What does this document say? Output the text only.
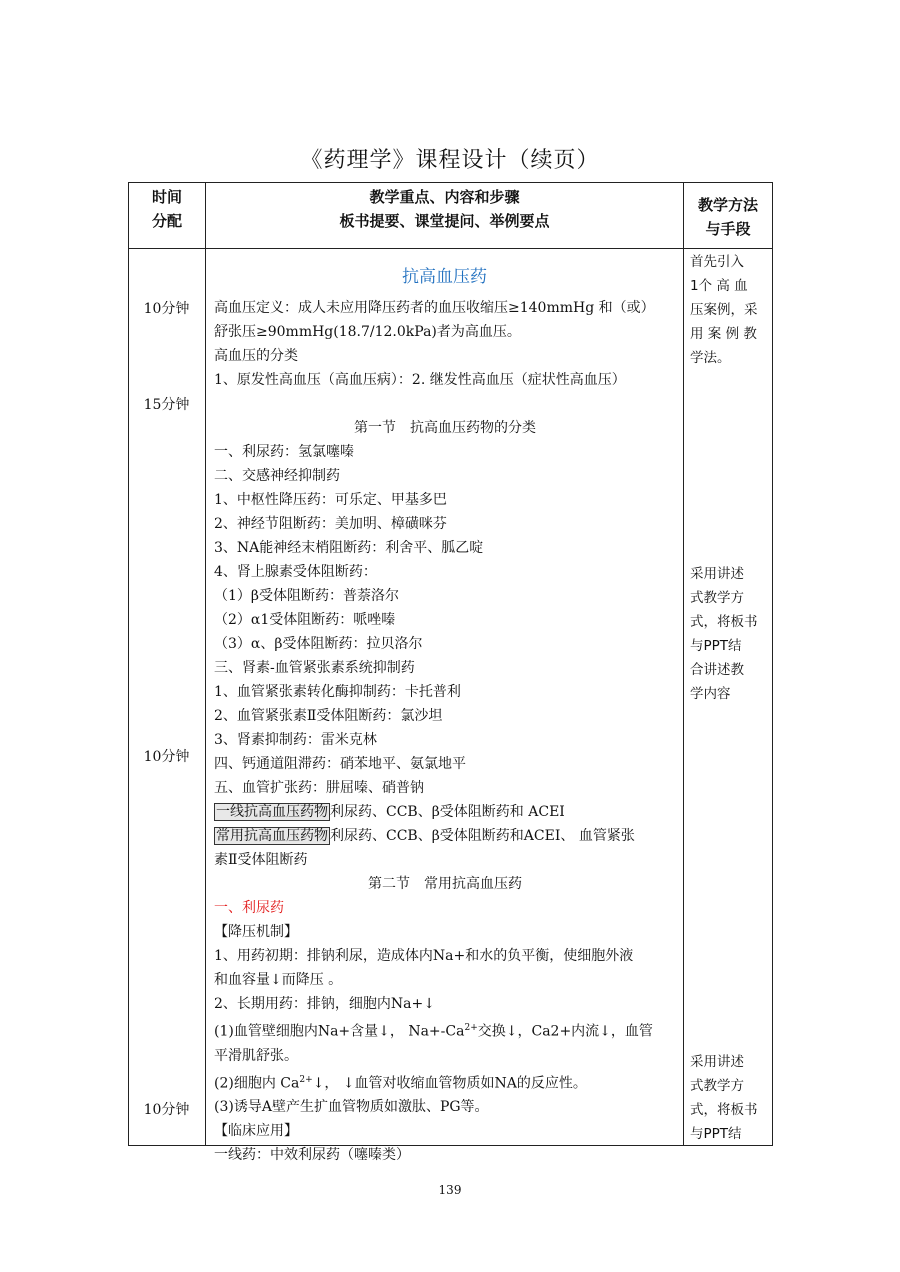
《药理学》课程设计（续页）
时间
分配
教学重点、内容和步骤
板书提要、课堂提问、举例要点
教学方法
与手段
抗高血压药
10分钟
15分钟
10分钟
10分钟
高血压定义：成人未应用降压药者的血压收缩压≥140mmHg 和（或）
舒张压≥90mmHg(18.7/12.0kPa)者为高血压。
高血压的分类
1、原发性高血压（高血压病）：2. 继发性高血压（症状性高血压）
第一节　抗高血压药物的分类
一、利尿药：氢氯噻嗪
二、交感神经抑制药
1、中枢性降压药：可乐定、甲基多巴
2、神经节阻断药：美加明、樟磺咪芬
3、NA能神经末梢阻断药：利舍平、胍乙啶
4、肾上腺素受体阻断药：
（1）β受体阻断药：普萘洛尔
（2）α1受体阻断药：哌唑嗪
（3）α、β受体阻断药：拉贝洛尔
三、肾素-血管紧张素系统抑制药
1、血管紧张素转化酶抑制药：卡托普利
2、血管紧张素Ⅱ受体阻断药：氯沙坦
3、肾素抑制药：雷米克林
四、钙通道阻滞药：硝苯地平、氨氯地平
五、血管扩张药：肼屈嗪、硝普钠
一线抗高血压药物 利尿药、CCB、β受体阻断药和 ACEI
常用抗高血压药物 利尿药、CCB、β受体阻断药和ACEI、 血管紧张
素Ⅱ受体阻断药
第二节　常用抗高血压药
一、利尿药
【降压机制】
1、用药初期：排钠利尿，造成体内Na+和水的负平衡，使细胞外液
和血容量↓而降压 。
2、长期用药：排钠，细胞内Na+↓
(1)血管壁细胞内Na+含量↓， $Na+-Ca^{2+}$交换↓，Ca2+内流↓，血管
平滑肌舒张。
(2)细胞内 $Ca^{2+}↓$， ↓血管对收缩血管物质如NA的反应性。
(3)诱导A壁产生扩血管物质如激肽、PG等。
【临床应用】
一线药：中效利尿药（噻嗪类）
首先引入
1个 高 血
压案例，采
用 案 例 教
学法。
采用讲述
式教学方
式，将板书
与PPT结
合讲述教
学内容
采用讲述
式教学方
式，将板书
与PPT结
139
